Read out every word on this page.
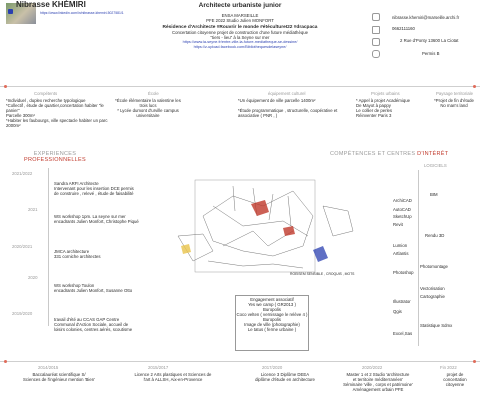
Nibrasse KHÉMIRI
https://www.linkedin.com/in/nibrasse-khemiri-5027581/1
Architecte urbaniste junior
ENSA MARSEILLE
PFE 2022 Studio Julien MONFORT
Résidence d'Architecte #Rouvrir le monde #étécultureI22 #dracpaca
Concertation citoyenne projet de construction d'une future médiathèque
"tiers - lieu" à la Seyne sur mer
https://www.la-seyne.fr/entre-ville-la-future-mediatheque-se-dessine/
https://z-upload.facebook.com/Bibliothequesdelaseyne/
nibrasse.khemiri@marseille.archi.fr
0662111160
2 Rue d'Ponty 13600 La Ciotat
Permis B
Compétents
*Individuel , duplex recherche typologique
*Collectif , étude de quartier,concertation habiter "le panier"
Parcelle 300m²
*Habiter les faubourgs, ville spectacle habiter un parc 2000m²
École
*École élémentaire la valentine les trois lucs
* Lycée dumont d'urville campus universitaire
équipement culturel
*Un équipement de ville parcelle 1400m²

*Étude programmatique , structurelle, coopérative et associative ( PNR , )
Projets urbains
* Appel à projet Académique
De Mayot à pappy
Le collier de perles
Réinventer Paris 3
Paysage territoriale
*Projet de fin d'étude
No man's land
EXPERIENCES
PROFESSIONNELLES
COMPÉTENCES ET CENTRES D'INTÉRÊT
2021/2022
Sandra ARFI Architecte
Intervenant pour les insertion DCE permis
de construire , relevé , étude de faisabilité
2021
WS workshop 1pm. La seyne sur mer
encadrants Julien Monfort, Christophe Piqué
2020/2021
JMCA architecture
331 corniche architectes
2020
WS workshop Toulon
encadrants Julien Monfort, Susanne Otto
2019/2020
travail d'été au CCAS GAP Centre
Communal d'Action Sociale, accueil de
loisirs colonies, centres aérés, scoutisme
ROEISEM SENSIBLE , CROQUIS , MOTS
Engagement associatif
Yes we camp ( GR2013 )
Buropolis
Coco velten ( vernissage le relève 4 )
Buropolis
Image de ville (photographie)
Le tatus ( ferme urbaine )
LOGICIELS
ArchiCAD
AutoCAD
SketchUp
Revit
Lumion
Artlantis
Photoshop
Illustrator
Qgis
Excel,Sas
BIM
Rendu 3D
Photomontage
Vectorisation
Cartographie
Statistique Sdmx
2014/2015
Baccalauréat scientifique S/
Sciences de l'ingénieur mention 'Bien'
2015/2017
Licence 2 Arts plastiques et Sciences de
l'art à ALLSH, Aix-en-Provence
2017/2020
Licence 3 Diplôme DEEA
diplôme d'étude en architecture
2020/2022
Master 1 et 2 Studio 'architecture
et territoire méditerranéen'
Séminaire 'ville , corps et patrimoine'
Aménagement urbain PFE
Fin 2022
projet de
concertation
citoyenne
